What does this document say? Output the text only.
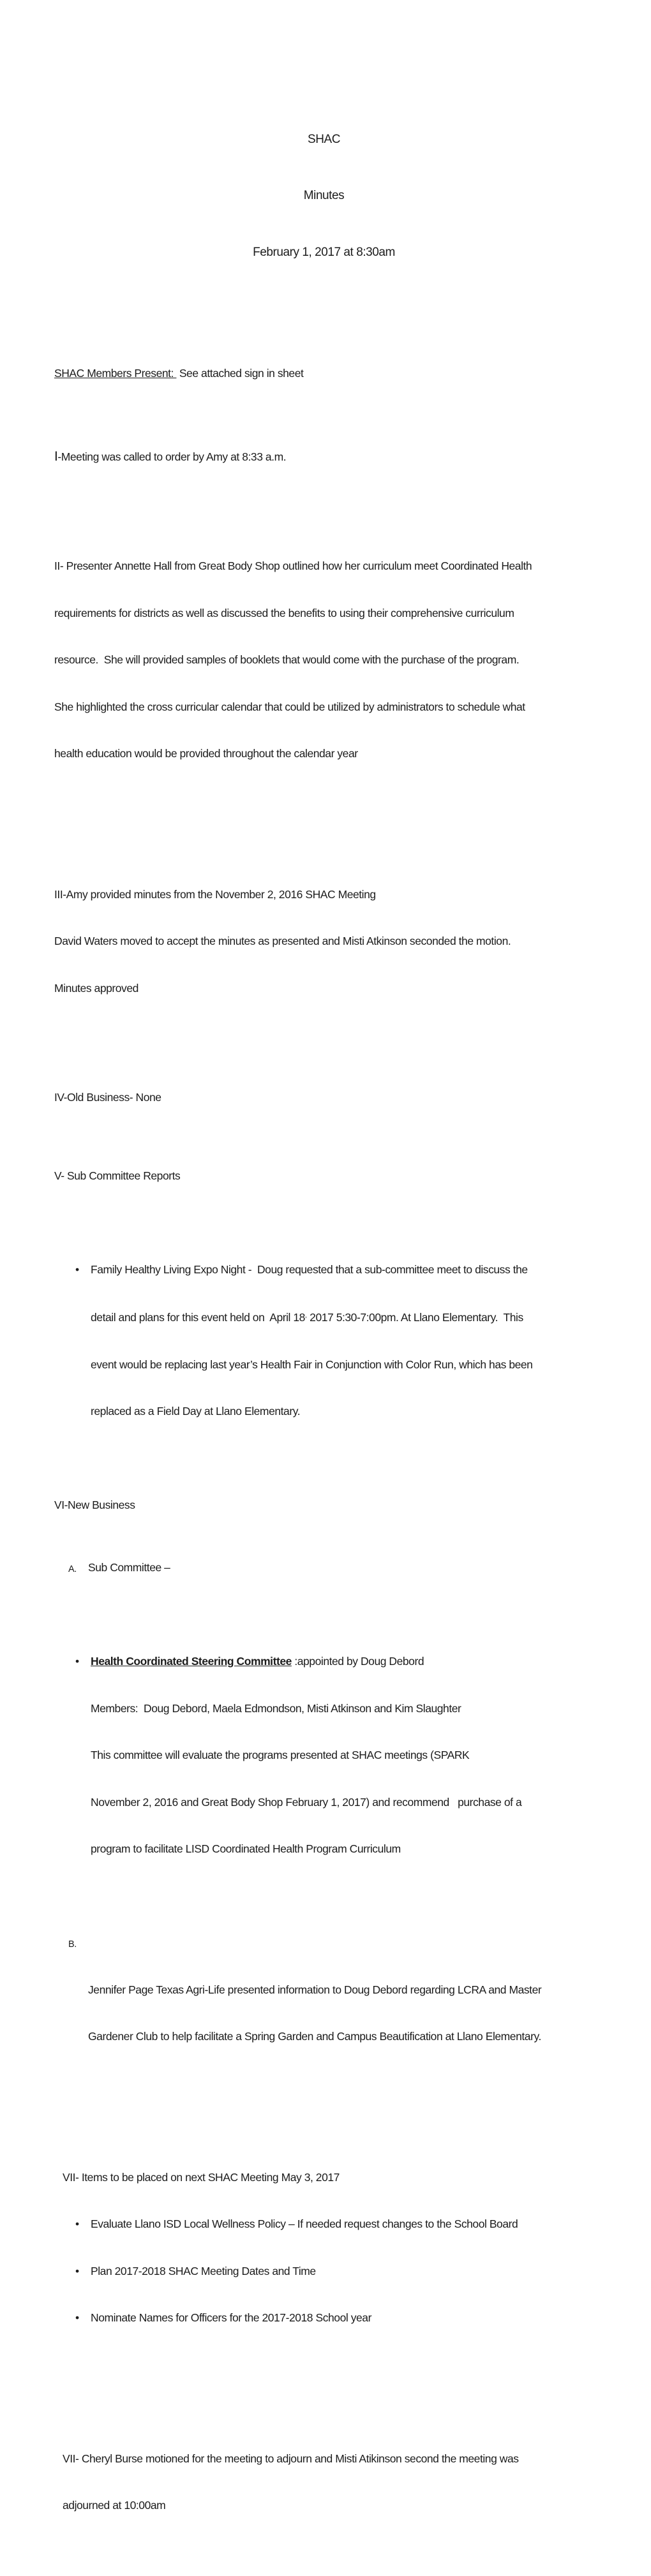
SHAC

Minutes

February 1, 2017 at 8:30am

SHAC Members Present:  See attached sign in sheet

I-Meeting was called to order by Amy at 8:33 a.m.

II- Presenter Annette Hall from Great Body Shop outlined how her curriculum meet Coordinated Health

requirements for districts as well as discussed the benefits to using their comprehensive curriculum

resource.  She will provided samples of booklets that would come with the purchase of the program.

She highlighted the cross curricular calendar that could be utilized by administrators to schedule what

health education would be provided throughout the calendar year

III-Amy provided minutes from the November 2, 2016 SHAC Meeting

David Waters moved to accept the minutes as presented and Misti Atkinson seconded the motion.

Minutes approved

IV-Old Business- None

V- Sub Committee Reports

• Family Healthy Living Expo Night -  Doug requested that a sub-committee meet to discuss the

detail and plans for this event held on  April 18, 2017 5:30-7:00pm. At Llano Elementary.  This

event would be replacing last year’s Health Fair in Conjunction with Color Run, which has been

replaced as a Field Day at Llano Elementary.

VI-New Business

A. Sub Committee –

• Health Coordinated Steering Committee :appointed by Doug Debord

Members:  Doug Debord, Maela Edmondson, Misti Atkinson and Kim Slaughter

This committee will evaluate the programs presented at SHAC meetings (SPARK

November 2, 2016 and Great Body Shop February 1, 2017) and recommend   purchase of a

program to facilitate LISD Coordinated Health Program Curriculum

B.

Jennifer Page Texas Agri-Life presented information to Doug Debord regarding LCRA and Master

Gardener Club to help facilitate a Spring Garden and Campus Beautification at Llano Elementary.

VII- Items to be placed on next SHAC Meeting May 3, 2017

• Evaluate Llano ISD Local Wellness Policy – If needed request changes to the School Board

• Plan 2017-2018 SHAC Meeting Dates and Time

• Nominate Names for Officers for the 2017-2018 School year

VII- Cheryl Burse motioned for the meeting to adjourn and Misti Atikinson second the meeting was

adjourned at 10:00am
